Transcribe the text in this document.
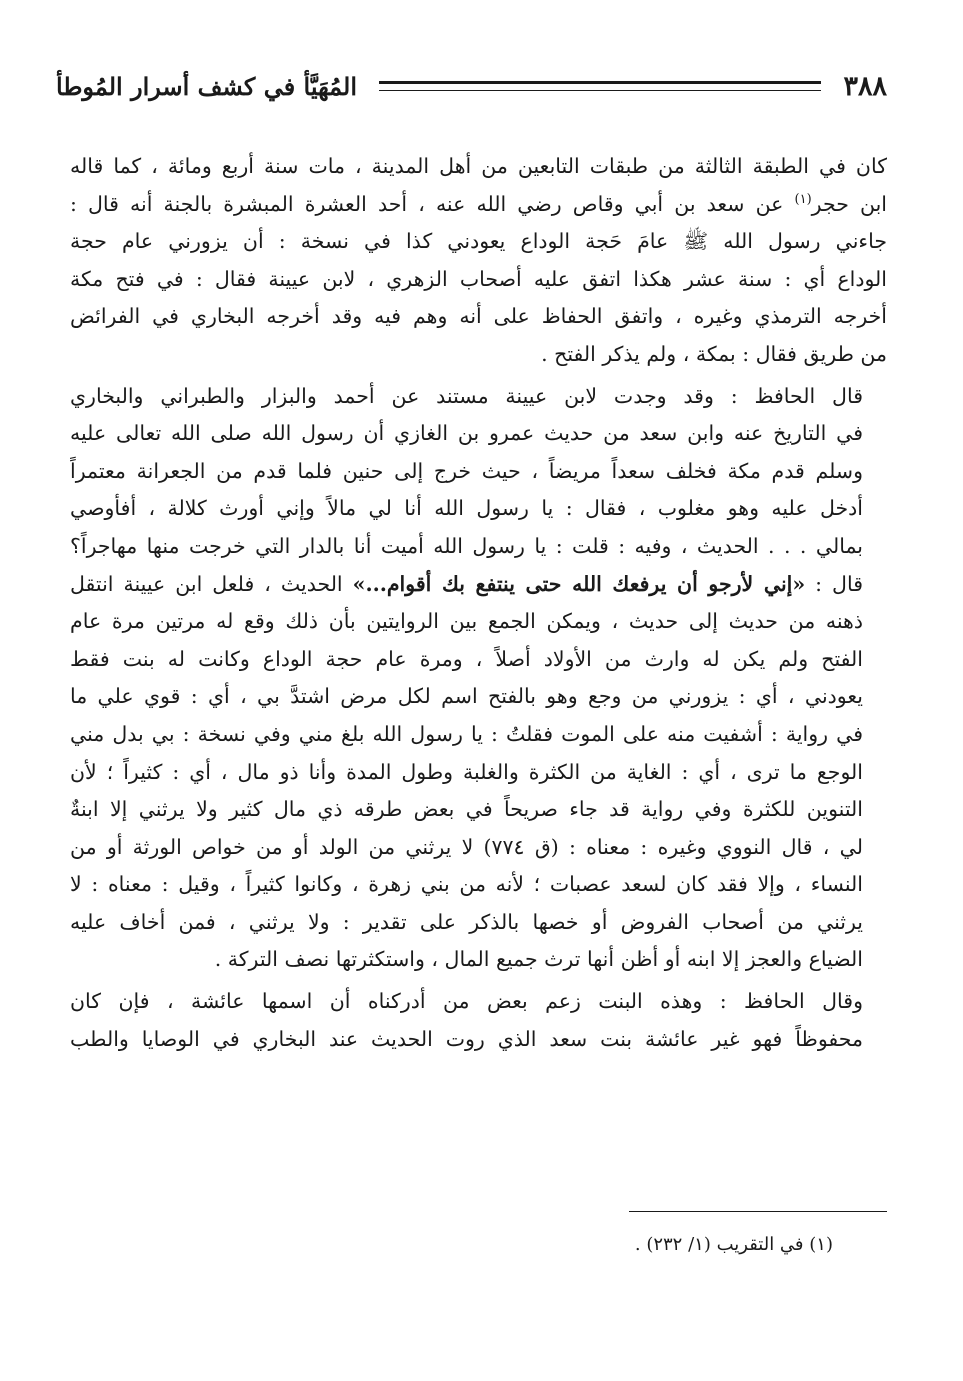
٣٨٨
المُهَيَّأ في كشف أسرار المُوطأ

كان في الطبقة الثالثة من طبقات التابعين من أهل المدينة ، مات سنة أربع ومائة ، كما قاله
ابن حجر$^{(١)}$ عن سعد بن أبي وقاص رضي الله عنه ، أحد العشرة المبشرة بالجنة أنه قال :
جاءني رسول الله ﷺ عامَ حَجة الوداع يعودني كذا في نسخة : أن يزورني عام حجة
الوداع أي : سنة عشر هكذا اتفق عليه أصحاب الزهري ، لابن عيينة فقال : في فتح مكة
أخرجه الترمذي وغيره ، واتفق الحفاظ على أنه وهم فيه وقد أخرجه البخاري في الفرائض
من طريق فقال : بمكة ، ولم يذكر الفتح .

قال الحافظ : وقد وجدت لابن عيينة مستند عن أحمد والبزار والطبراني والبخاري
في التاريخ عنه وابن سعد من حديث عمرو بن الغازي أن رسول الله صلى الله تعالى عليه
وسلم قدم مكة فخلف سعداً مريضاً ، حيث خرج إلى حنين فلما قدم من الجعرانة معتمراً
أدخل عليه وهو مغلوب ، فقال : يا رسول الله أنا لي مالاً وإني أورث كلالة ، أفأوصي
بمالي . . . الحديث ، وفيه : قلت : يا رسول الله أميت أنا بالدار التي خرجت منها مهاجراً؟
قال : «إني لأرجو أن يرفعك الله حتى ينتفع بك أقوام...» الحديث ، فلعل ابن عيينة انتقل
ذهنه من حديث إلى حديث ، ويمكن الجمع بين الروايتين بأن ذلك وقع له مرتين مرة عام
الفتح ولم يكن له وارث من الأولاد أصلاً ، ومرة عام حجة الوداع وكانت له بنت فقط
يعودني ، أي : يزورني من وجع وهو بالفتح اسم لكل مرض اشتدَّ بي ، أي : قوي علي ما
في رواية : أشفيت منه على الموت فقلتُ : يا رسول الله بلغ مني وفي نسخة : بي بدل مني
الوجع ما ترى ، أي : الغاية من الكثرة والغلبة وطول المدة وأنا ذو مال ، أي : كثيراً ؛ لأن
التنوين للكثرة وفي رواية قد جاء صريحاً في بعض طرقه ذي مال كثير ولا يرثني إلا ابنةٌ
لي ، قال النووي وغيره : معناه : (ق ٧٧٤) لا يرثني من الولد أو من خواص الورثة أو من
النساء ، وإلا فقد كان لسعد عصبات ؛ لأنه من بني زهرة ، وكانوا كثيراً ، وقيل : معناه : لا
يرثني من أصحاب الفروض أو خصها بالذكر على تقدير : ولا يرثني ، فمن أخاف عليه
الضياع والعجز إلا ابنه أو أظن أنها ترث جميع المال ، واستكثرتها نصف التركة .

وقال الحافظ : وهذه البنت زعم بعض من أدركناه أن اسمها عائشة ، فإن كان
محفوظاً فهو غير عائشة بنت سعد الذي روت الحديث عند البخاري في الوصايا والطب

(١) في التقريب (١/ ٢٣٢) .
